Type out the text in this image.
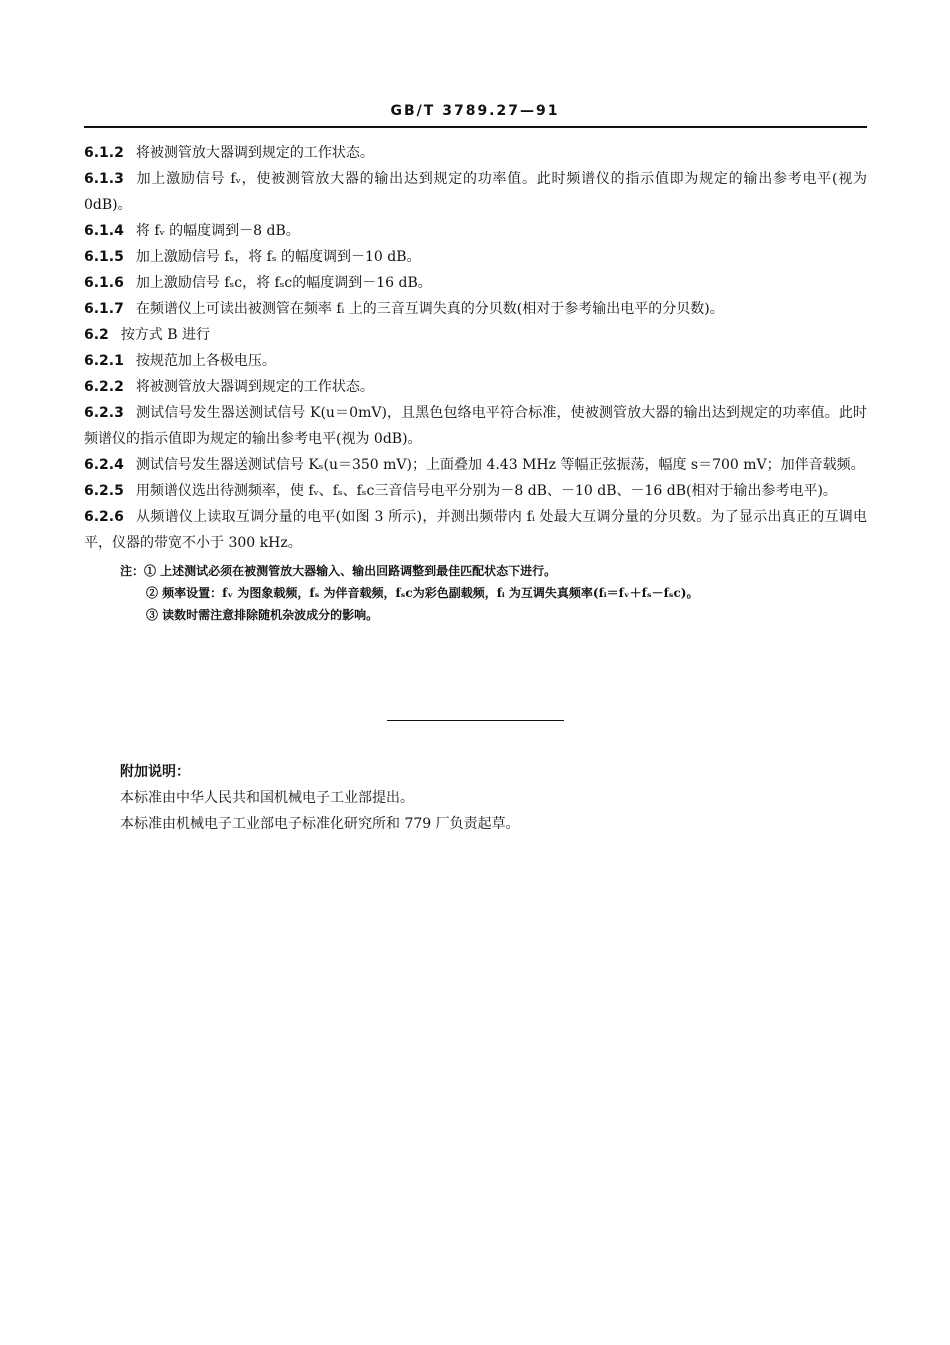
GB/T 3789.27—91
6.1.2 将被测管放大器调到规定的工作状态。
6.1.3 加上激励信号 fᵥ，使被测管放大器的输出达到规定的功率值。此时频谱仪的指示值即为规定的输出参考电平(视为 0dB)。
6.1.4 将 fᵥ 的幅度调到－8 dB。
6.1.5 加上激励信号 fₛ，将 fₛ 的幅度调到－10 dB。
6.1.6 加上激励信号 fₛc，将 fₛc的幅度调到－16 dB。
6.1.7 在频谱仪上可读出被测管在频率 fᵢ 上的三音互调失真的分贝数(相对于参考输出电平的分贝数)。
6.2 按方式 B 进行
6.2.1 按规范加上各极电压。
6.2.2 将被测管放大器调到规定的工作状态。
6.2.3 测试信号发生器送测试信号 K(u＝0mV)，且黑色包络电平符合标准，使被测管放大器的输出达到规定的功率值。此时频谱仪的指示值即为规定的输出参考电平(视为 0dB)。
6.2.4 测试信号发生器送测试信号 Kₛ(u＝350 mV)；上面叠加 4.43 MHz 等幅正弦振荡，幅度 s＝700 mV；加伴音载频。
6.2.5 用频谱仪选出待测频率，使 fᵥ、fₛ、fₛc三音信号电平分别为－8 dB、－10 dB、－16 dB(相对于输出参考电平)。
6.2.6 从频谱仪上读取互调分量的电平(如图 3 所示)，并测出频带内 fᵢ 处最大互调分量的分贝数。为了显示出真正的互调电平，仪器的带宽不小于 300 kHz。
注：① 上述测试必须在被测管放大器输入、输出回路调整到最佳匹配状态下进行。
② 频率设置：fᵥ 为图象载频，fₛ 为伴音载频，fₛc为彩色副载频，fᵢ 为互调失真频率(fᵢ＝fᵥ＋fₛ－fₛc)。
③ 读数时需注意排除随机杂波成分的影响。
附加说明：
本标准由中华人民共和国机械电子工业部提出。
本标准由机械电子工业部电子标准化研究所和 779 厂负责起草。
